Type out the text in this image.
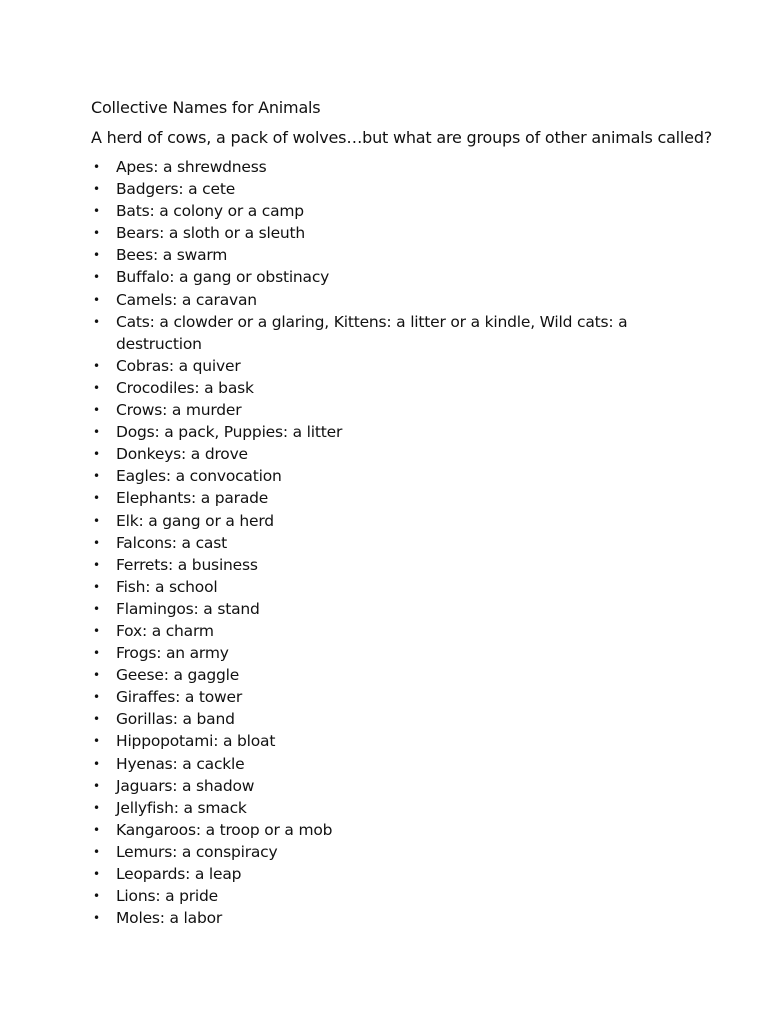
Collective Names for Animals
A herd of cows, a pack of wolves…but what are groups of other animals called?
• Apes: a shrewdness
• Badgers: a cete
• Bats: a colony or a camp
• Bears: a sloth or a sleuth
• Bees: a swarm
• Buffalo: a gang or obstinacy
• Camels: a caravan
• Cats: a clowder or a glaring, Kittens: a litter or a kindle, Wild cats: a destruction
• Cobras: a quiver
• Crocodiles: a bask
• Crows: a murder
• Dogs: a pack, Puppies: a litter
• Donkeys: a drove
• Eagles: a convocation
• Elephants: a parade
• Elk: a gang or a herd
• Falcons: a cast
• Ferrets: a business
• Fish: a school
• Flamingos: a stand
• Fox: a charm
• Frogs: an army
• Geese: a gaggle
• Giraffes: a tower
• Gorillas: a band
• Hippopotami: a bloat
• Hyenas: a cackle
• Jaguars: a shadow
• Jellyfish: a smack
• Kangaroos: a troop or a mob
• Lemurs: a conspiracy
• Leopards: a leap
• Lions: a pride
• Moles: a labor
